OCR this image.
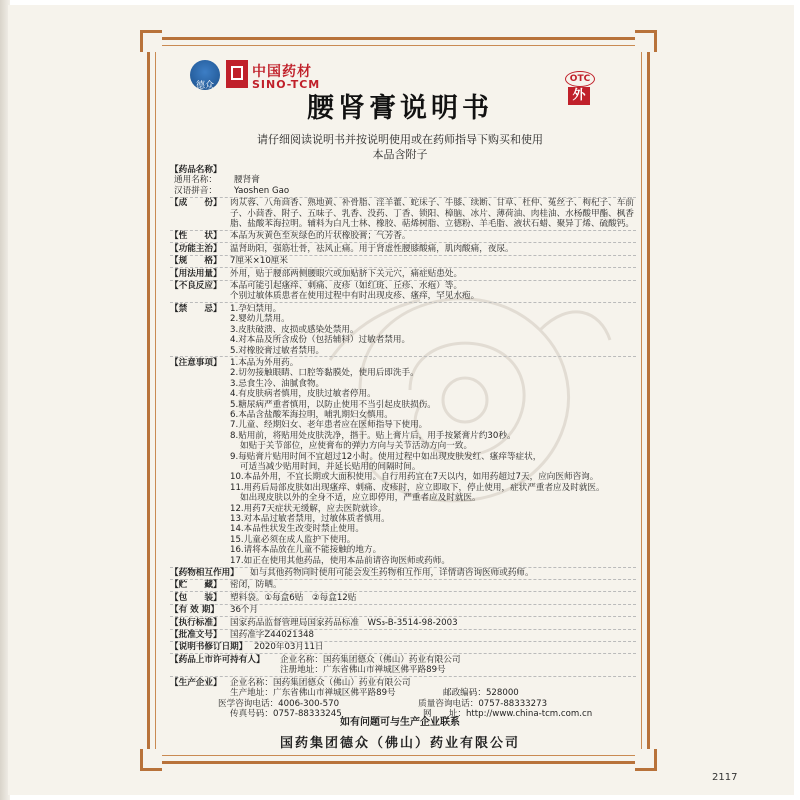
德众
中国药材
SINO-TCM	OTC
外
腰肾膏说明书
请仔细阅读说明书并按说明使用或在药师指导下购买和使用
本品含附子
【药品名称】
通用名称：	腰肾膏
汉语拼音：	Yaoshen Gao
【成　　份】 肉苁蓉、八角茴香、熟地黄、补骨脂、淫羊藿、蛇床子、牛膝、续断、甘草、杜仲、菟丝子、枸杞子、车前子、小茴香、附子、五味子、乳香、没药、丁香、锁阳、樟脑、冰片、薄荷油、肉桂油、水杨酸甲酯、枫香脂、盐酸苯海拉明。辅料为白凡士林、橡胶、萜烯树脂、立德粉、羊毛脂、液状石蜡、聚异丁烯、硫酸钙。
【性　　状】 本品为灰黄色至灰绿色的片状橡胶膏；气芳香。
【功能主治】 温肾助阳，强筋壮骨，祛风止痛。用于肾虚性腰膝酸痛，肌肉酸痛，夜尿。
【规　　格】 7厘米×10厘米
【用法用量】 外用，贴于腰部两侧腰眼穴或加贴脐下关元穴，痛症贴患处。
【不良反应】 本品可能引起瘙痒、刺痛、皮疹（如红斑、丘疹、水疱）等。
个别过敏体质患者在使用过程中有时出现皮疹、瘙痒，罕见水疱。
【禁　　忌】 1.孕妇禁用。
2.婴幼儿禁用。
3.皮肤破溃、皮损或感染处禁用。
4.对本品及所含成份（包括辅料）过敏者禁用。
5.对橡胶膏过敏者禁用。
【注意事项】 1.本品为外用药。
2.切勿接触眼睛、口腔等黏膜处，使用后即洗手。
3.忌食生冷、油腻食物。
4.有皮肤病者慎用，皮肤过敏者停用。
5.糖尿病严重者慎用，以防止使用不当引起皮肤损伤。
6.本品含盐酸苯海拉明，哺乳期妇女慎用。
7.儿童、经期妇女、老年患者应在医师指导下使用。
8.贴用前，将贴用处皮肤洗净，揩干。贴上膏片后，用手按紧膏片约30秒。
如贴于关节部位，应使膏布的弹力方向与关节活动方向一致。
9.每贴膏片贴用时间不宜超过12小时。使用过程中如出现皮肤发红、瘙痒等症状，
可适当减少贴用时间，并延长贴用的间隔时间。
10.本品外用，不宜长期或大面积使用。自行用药宜在7天以内，如用药超过7天，应向医师咨询。
11.用药后局部皮肤如出现瘙痒、刺痛、皮疹时，应立即取下，停止使用，症状严重者应及时就医。
如出现皮肤以外的全身不适，应立即停用，严重者应及时就医。
12.用药7天症状无缓解，应去医院就诊。
13.对本品过敏者禁用，过敏体质者慎用。
14.本品性状发生改变时禁止使用。
15.儿童必须在成人监护下使用。
16.请将本品放在儿童不能接触的地方。
17.如正在使用其他药品，使用本品前请咨询医师或药师。
【药物相互作用】	如与其他药物同时使用可能会发生药物相互作用，详情请咨询医师或药师。
【贮　　藏】 密闭，防晒。
【包　　装】 塑料袋。①每盒6贴　②每盒12贴
【有 效 期】	36个月
【执行标准】 国家药品监督管理局国家药品标准　WS₃-B-3514-98-2003
【批准文号】 国药准字Z44021348
【说明书修订日期】 2020年03月11日
【药品上市许可持有人】	企业名称： 国药集团德众（佛山）药业有限公司
注册地址： 广东省佛山市禅城区佛平路89号
【生产企业】 企业名称： 国药集团德众（佛山）药业有限公司
生产地址： 广东省佛山市禅城区佛平路89号	邮政编码： 528000
医学咨询电话： 4006-300-570	质量咨询电话： 0757-88333273
传真号码： 0757-88333245	网　　址： http://www.china-tcm.com.cn
如有问题可与生产企业联系
国药集团德众（佛山）药业有限公司
2117
